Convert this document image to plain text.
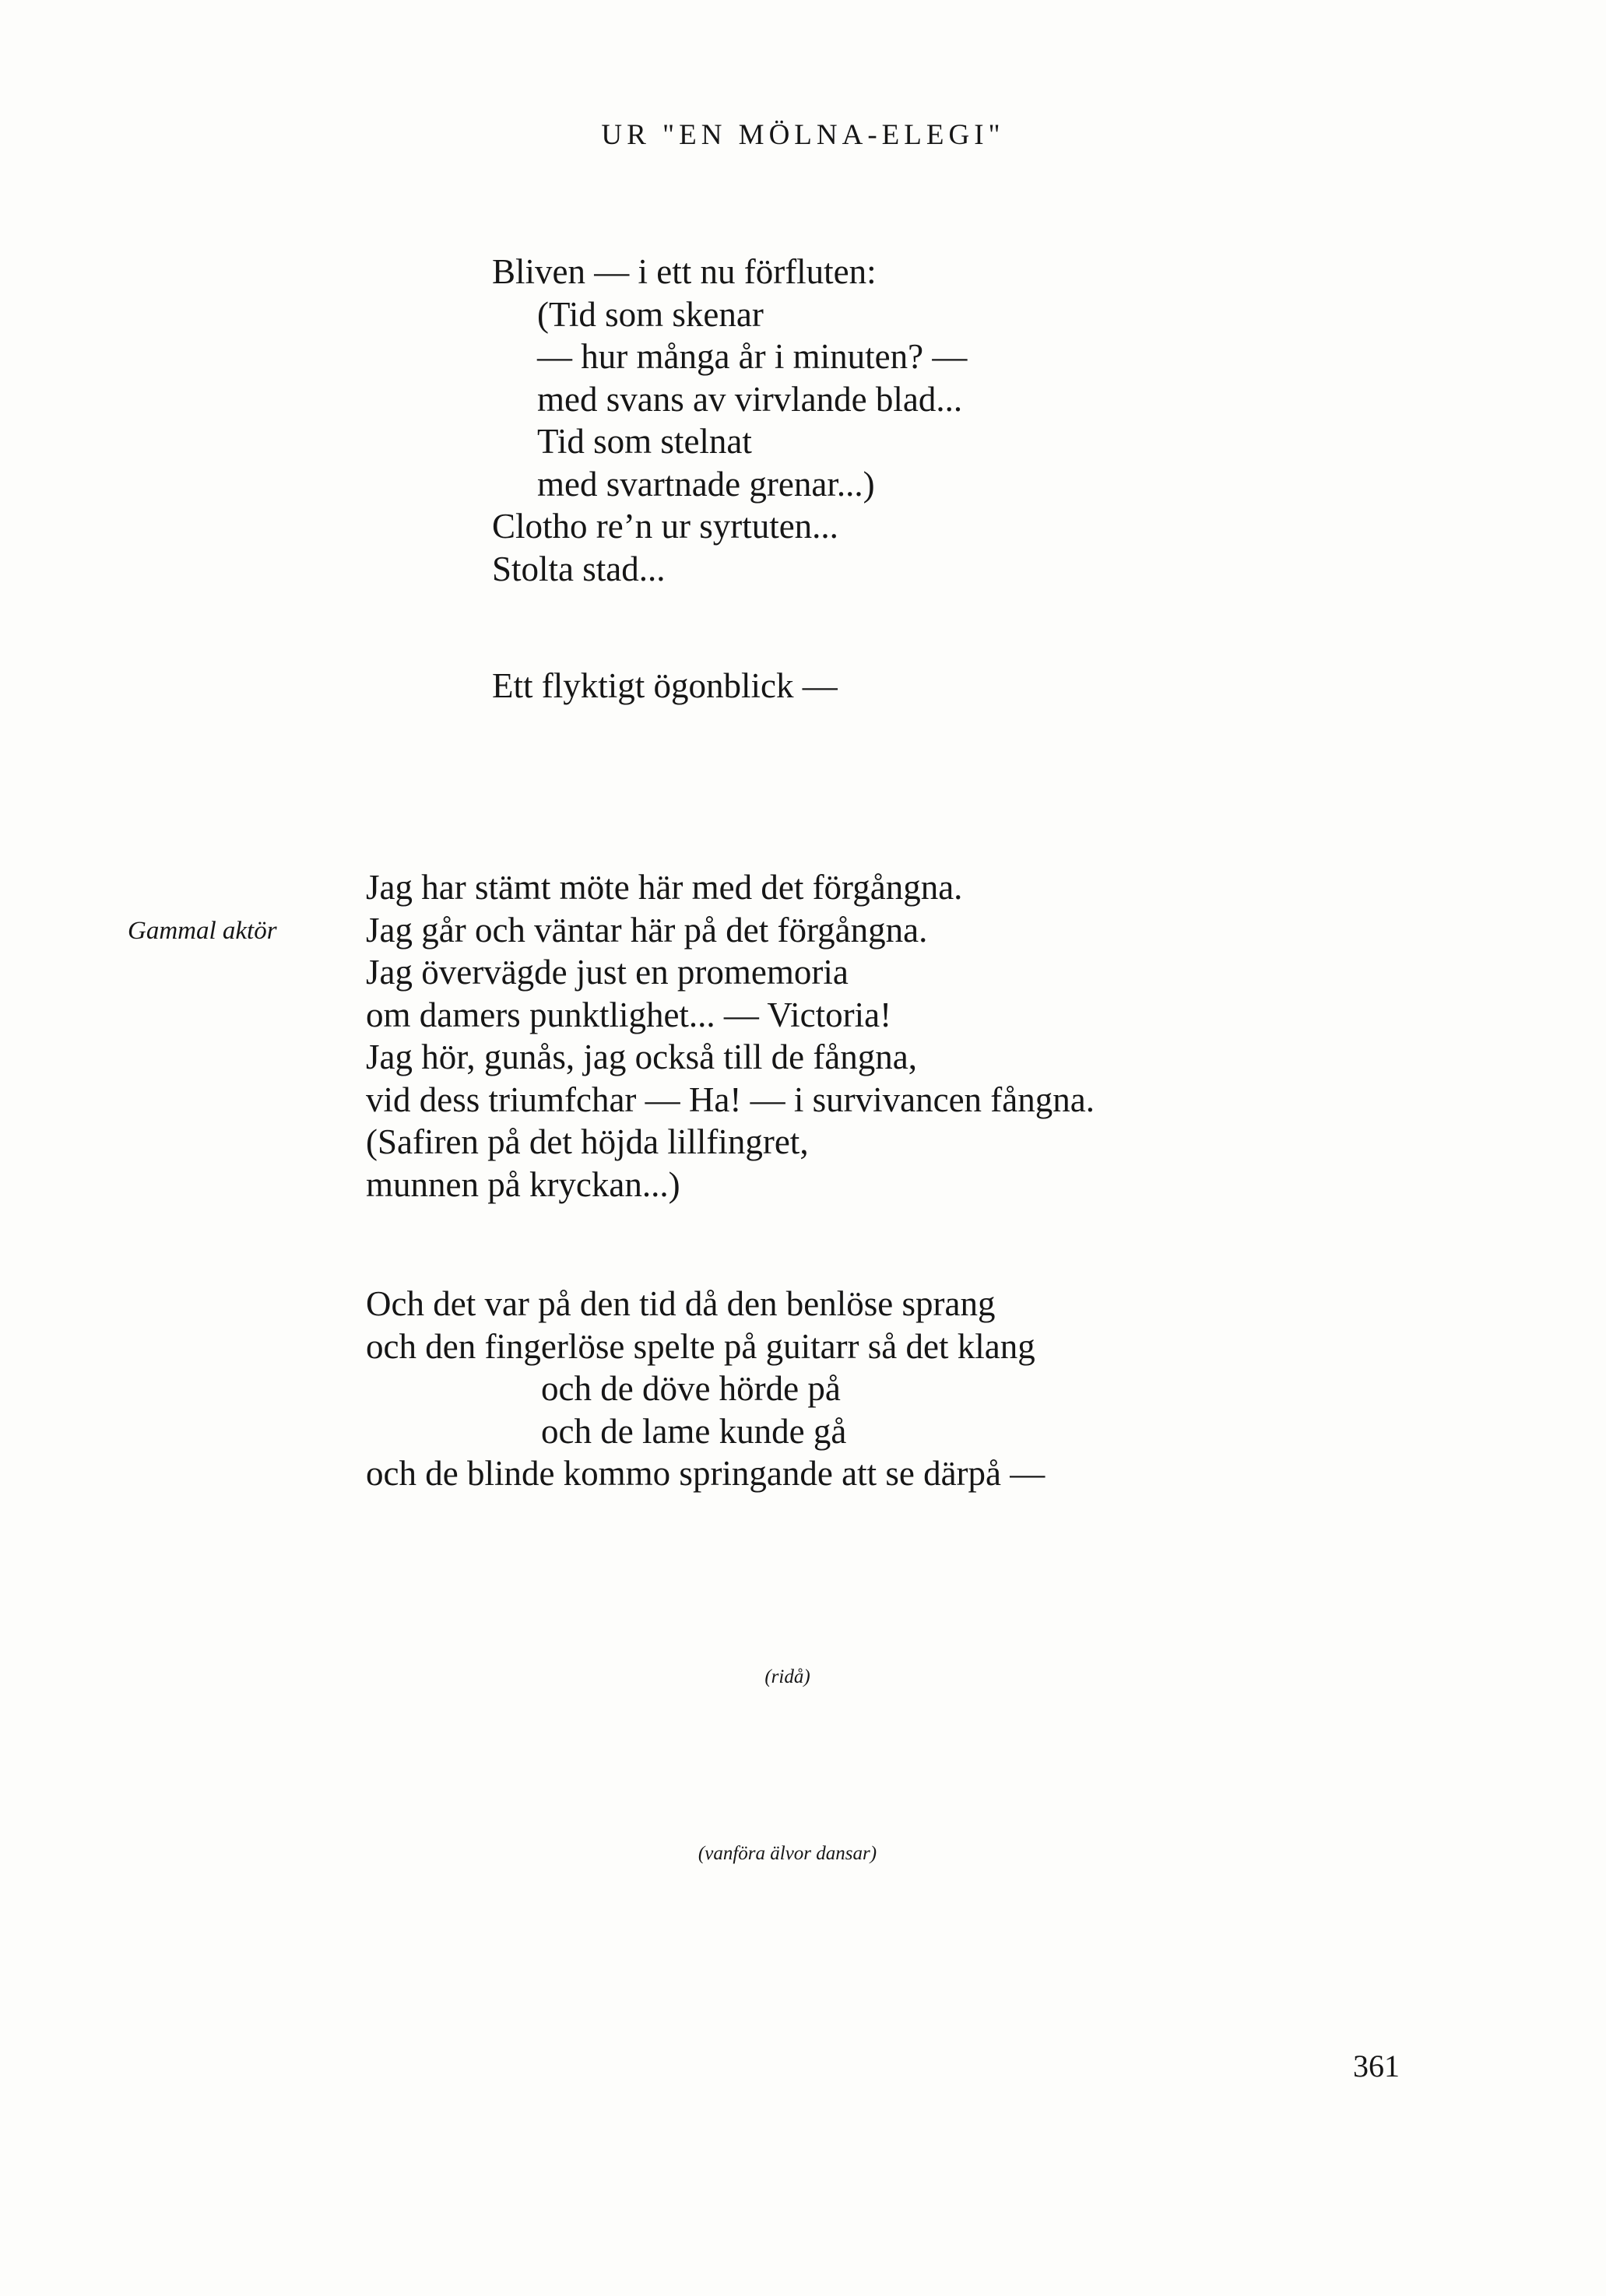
UR "EN MÖLNA-ELEGI"
Bliven — i ett nu förfluten:
(Tid som skenar
— hur många år i minuten? —
med svans av virvlande blad...
Tid som stelnat
med svartnade grenar...)
Clotho re’n ur syrtuten...
Stolta stad...
Ett flyktigt ögonblick —
Gammal aktör
Jag har stämt möte här med det förgångna.
Jag går och väntar här på det förgångna.
Jag övervägde just en promemoria
om damers punktlighet... — Victoria!
Jag hör, gunås, jag också till de fångna,
vid dess triumfchar — Ha! — i survivancen fångna.
(Safiren på det höjda lillfingret,
munnen på kryckan...)
Och det var på den tid då den benlöse sprang
och den fingerlöse spelte på guitarr så det klang
och de döve hörde på
och de lame kunde gå
och de blinde kommo springande att se därpå —
(ridå)
(vanföra älvor dansar)
361
